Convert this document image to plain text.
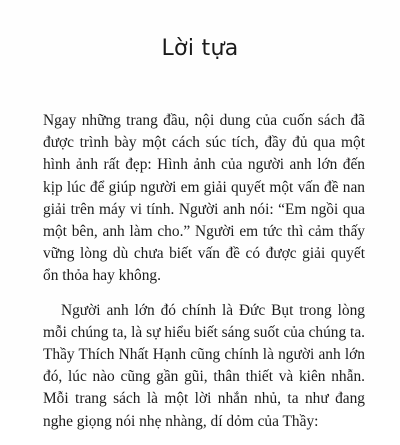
Lời tựa

Ngay những trang đầu, nội dung của cuốn sách đã được trình bày một cách súc tích, đầy đủ qua một hình ảnh rất đẹp: Hình ảnh của người anh lớn đến kịp lúc để giúp người em giải quyết một vấn đề nan giải trên máy vi tính. Người anh nói: “Em ngồi qua một bên, anh làm cho.” Người em tức thì cảm thấy vững lòng dù chưa biết vấn đề có được giải quyết ổn thỏa hay không.

Người anh lớn đó chính là Đức Bụt trong lòng mỗi chúng ta, là sự hiểu biết sáng suốt của chúng ta. Thầy Thích Nhất Hạnh cũng chính là người anh lớn đó, lúc nào cũng gần gũi, thân thiết và kiên nhẫn. Mỗi trang sách là một lời nhắn nhủ, ta như đang nghe giọng nói nhẹ nhàng, dí dỏm của Thầy:
